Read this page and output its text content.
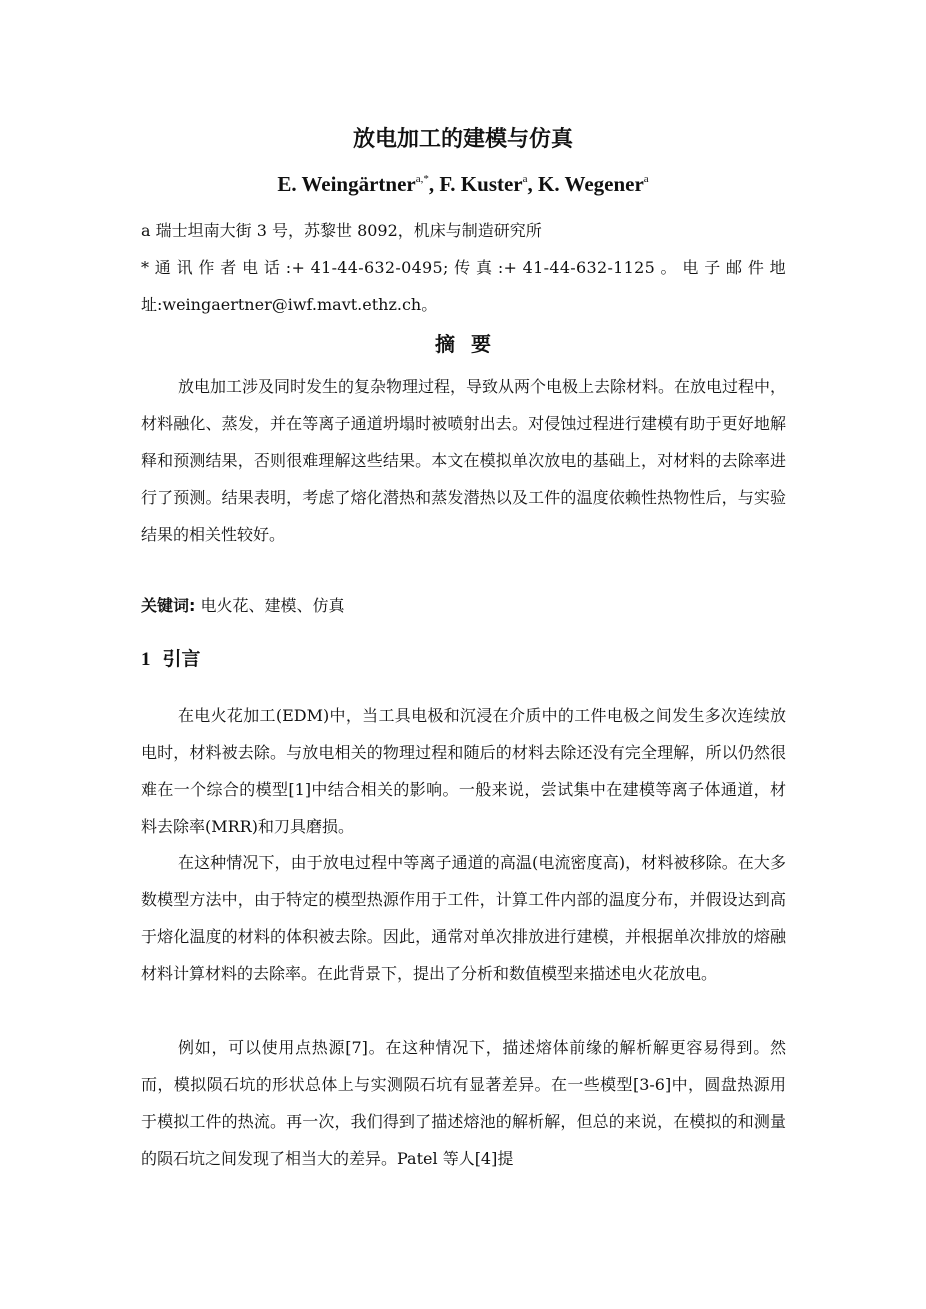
放电加工的建模与仿真
E. Weingärtner$^{a,*}$, F. Kuster$^a$, K. Wegener$^a$
a 瑞士坦南大街 3 号，苏黎世 8092，机床与制造研究所
* 通 讯 作 者 电 话 :+ 41-44-632-0495; 传 真 :+ 41-44-632-1125 。 电 子 邮 件 地
址:weingaertner@iwf.mavt.ethz.ch。
摘要
放电加工涉及同时发生的复杂物理过程，导致从两个电极上去除材料。在放电过程中，材料融化、蒸发，并在等离子通道坍塌时被喷射出去。对侵蚀过程进行建模有助于更好地解释和预测结果，否则很难理解这些结果。本文在模拟单次放电的基础上，对材料的去除率进行了预测。结果表明，考虑了熔化潜热和蒸发潜热以及工件的温度依赖性热物性后，与实验结果的相关性较好。
关键词: 电火花、建模、仿真
1 引言
在电火花加工(EDM)中，当工具电极和沉浸在介质中的工件电极之间发生多次连续放电时，材料被去除。与放电相关的物理过程和随后的材料去除还没有完全理解，所以仍然很难在一个综合的模型[1]中结合相关的影响。一般来说，尝试集中在建模等离子体通道，材料去除率(MRR)和刀具磨损。
在这种情况下，由于放电过程中等离子通道的高温(电流密度高)，材料被移除。在大多数模型方法中，由于特定的模型热源作用于工件，计算工件内部的温度分布，并假设达到高于熔化温度的材料的体积被去除。因此，通常对单次排放进行建模，并根据单次排放的熔融材料计算材料的去除率。在此背景下，提出了分析和数值模型来描述电火花放电。
例如，可以使用点热源[7]。在这种情况下，描述熔体前缘的解析解更容易得到。然而，模拟陨石坑的形状总体上与实测陨石坑有显著差异。在一些模型[3-6]中，圆盘热源用于模拟工件的热流。再一次，我们得到了描述熔池的解析解，但总的来说，在模拟的和测量的陨石坑之间发现了相当大的差异。Patel 等人[4]提
